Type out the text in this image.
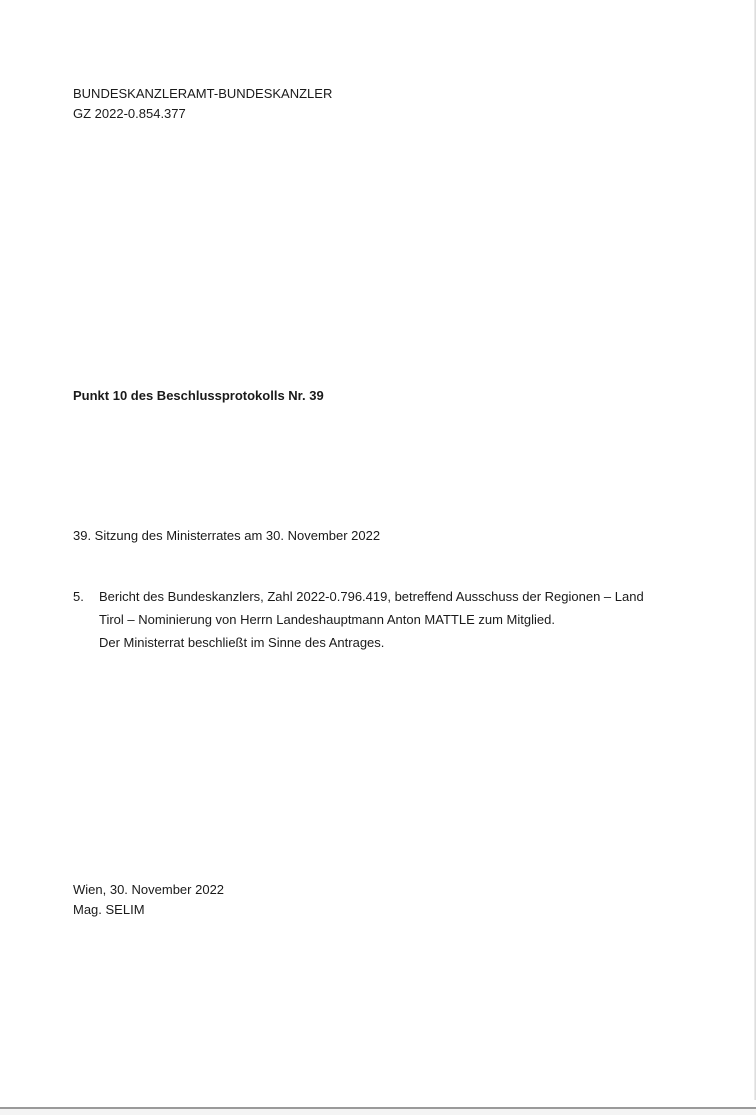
BUNDESKANZLERAMT-BUNDESKANZLER
GZ 2022-0.854.377
Punkt 10 des Beschlussprotokolls Nr. 39
39. Sitzung des Ministerrates am 30. November 2022
5.	Bericht des Bundeskanzlers, Zahl 2022-0.796.419, betreffend Ausschuss der Regionen – Land
Tirol – Nominierung von Herrn Landeshauptmann Anton MATTLE zum Mitglied.
Der Ministerrat beschließt im Sinne des Antrages.
Wien, 30. November 2022
Mag. SELIM
